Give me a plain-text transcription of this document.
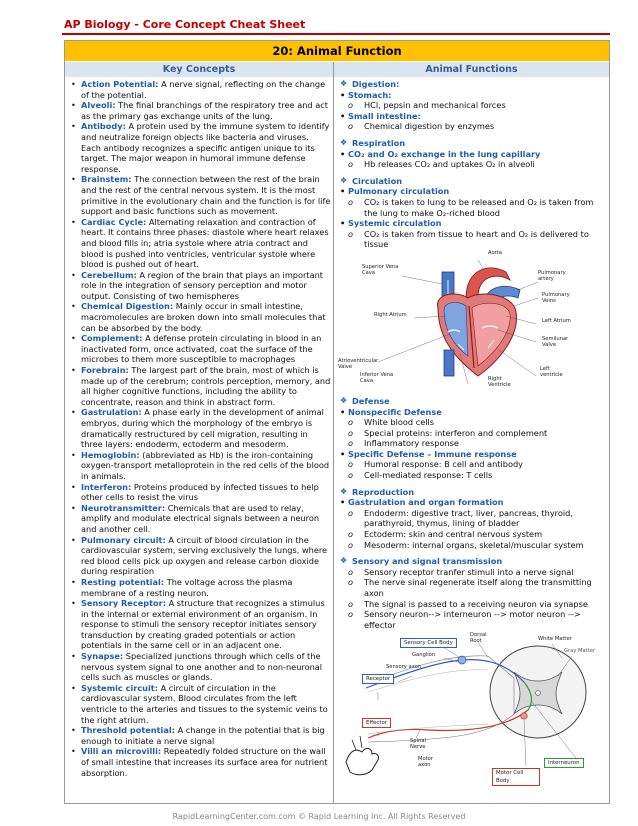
AP Biology - Core Concept Cheat Sheet
20: Animal Function
Key Concepts	Animal Functions
• Action Potential: A nerve signal, reflecting on the change of the potential.
• Alveoli: The final branchings of the respiratory tree and act as the primary gas exchange units of the lung.
• Antibody: A protein used by the immune system to identify and neutralize foreign objects like bacteria and viruses. Each antibody recognizes a specific antigen unique to its target. The major weapon in humoral immune defense response.
• Brainstem: The connection between the rest of the brain and the rest of the central nervous system. It is the most primitive in the evolutionary chain and the function is for life support and basic functions such as movement.
• Cardiac Cycle: Alternating relaxation and contraction of heart. It contains three phases: diastole where heart relaxes and blood fills in; atria systole where atria contract and blood is pushed into ventricles, ventricular systole where blood is pushed out of heart.
• Cerebellum: A region of the brain that plays an important role in the integration of sensory perception and motor output. Consisting of two hemispheres
• Chemical Digestion: Mainly occur in small intestine, macromolecules are broken down into small molecules that can be absorbed by the body.
• Complement: A defense protein circulating in blood in an inactivated form, once activated, coat the surface of the microbes to them more susceptible to macrophages
• Forebrain: The largest part of the brain, most of which is made up of the cerebrum; controls perception, memory, and all higher cognitive functions, including the ability to concentrate, reason and think in abstract form.
• Gastrulation: A phase early in the development of animal embryos, during which the morphology of the embryo is dramatically restructured by cell migration, resulting in three layers: endoderm, ectoderm and mesoderm.
• Hemoglobin: (abbreviated as Hb) is the iron-containing oxygen-transport metalloprotein in the red cells of the blood in animals.
• Interferon: Proteins produced by infected tissues to help other cells to resist the virus
• Neurotransmitter: Chemicals that are used to relay, amplify and modulate electrical signals between a neuron and another cell.
• Pulmonary circuit: A circuit of blood circulation in the cardiovascular system, serving exclusively the lungs, where red blood cells pick up oxygen and release carbon dioxide during respiration
• Resting potential: The voltage across the plasma membrane of a resting neuron.
• Sensory Receptor: A structure that recognizes a stimulus in the internal or external environment of an organism. In response to stimuli the sensory receptor initiates sensory transduction by creating graded potentials or action potentials in the same cell or in an adjacent one.
• Synapse: Specialized junctions through which cells of the nervous system signal to one another and to non-neuronal cells such as muscles or glands.
• Systemic circuit: A circuit of circulation in the cardiovascular system. Blood circulates from the left ventricle to the arteries and tissues to the systemic veins to the right atrium.
• Threshold potential: A change in the potential that is big enough to initiate a nerve signal
• Villi an microvilli: Repeatedly folded structure on the wall of small intestine that increases its surface area for nutrient absorption.
❖ Digestion:
• Stomach:
o HCl, pepsin and mechanical forces
• Small intestine:
o Chemical digestion by enzymes
❖ Respiration
• CO₂ and O₂ exchange in the lung capillary
o Hb releases CO₂ and uptakes O₂ in alveoli
❖ Circulation
• Pulmonary circulation
o CO₂ is taken to lung to be released and O₂ is taken from the lung to make O₂-riched blood
• Systemic circulation
o CO₂ is taken from tissue to heart and O₂ is delivered to tissue
Aorta
Superior Vena Cava	Pulmonary artery
Pulmonary Veins
Right Atrium
Left Atrium
Semilunar Valve
Atrioventricular Valve
Inferior Vena Cava	Right Ventricle
Left ventricle
❖ Defense
• Nonspecific Defense
o White blood cells
o Special proteins: interferon and complement
o Inflammatory response
• Specific Defense – Immune response
o Humoral response: B cell and antibody
o Cell-mediated response: T cells
❖ Reproduction
• Gastrulation and organ formation
o Endoderm: digestive tract, liver, pancreas, thyroid, parathyroid, thymus, lining of bladder
o Ectoderm: skin and central nervous system
o Mesoderm: internal organs, skeletal/muscular system
❖ Sensory and signal transmission
o Sensory receptor tranfer stimuli into a nerve signal
o The nerve sinal regenerate itself along the transmitting axon
o The signal is passed to a receiving neuron via synapse
o Sensory neuron--> interneuron --> motor neuron --> effector
Sensory Cell Body
Dorsal Root	White Matter
Gray Matter
Ganglion
Sensory axon
Receptor
Effector
Spinal Nerve
Motor axon
Motor Cell Body
Interneuron
RapidLearningCenter.com.com © Rapid Learning Inc. All Rights Reserved
